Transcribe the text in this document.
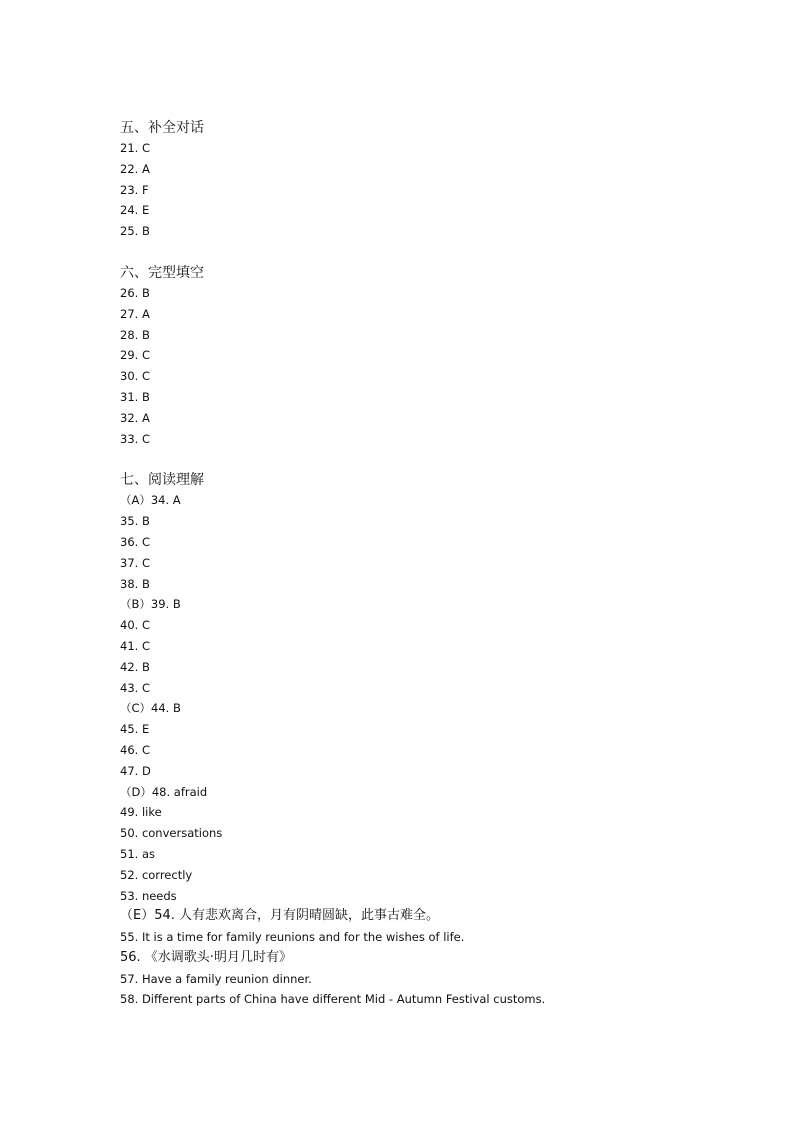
五、补全对话
21. C
22. A
23. F
24. E
25. B
六、完型填空
26. B
27. A
28. B
29. C
30. C
31. B
32. A
33. C
七、阅读理解
（A）34. A
35. B
36. C
37. C
38. B
（B）39. B
40. C
41. C
42. B
43. C
（C）44. B
45. E
46. C
47. D
（D）48. afraid
49. like
50. conversations
51. as
52. correctly
53. needs
（E）54. 人有悲欢离合，月有阴晴圆缺，此事古难全。
55. It is a time for family reunions and for the wishes of life.
56. 《水调歌头·明月几时有》
57. Have a family reunion dinner.
58. Different parts of China have different Mid - Autumn Festival customs.
